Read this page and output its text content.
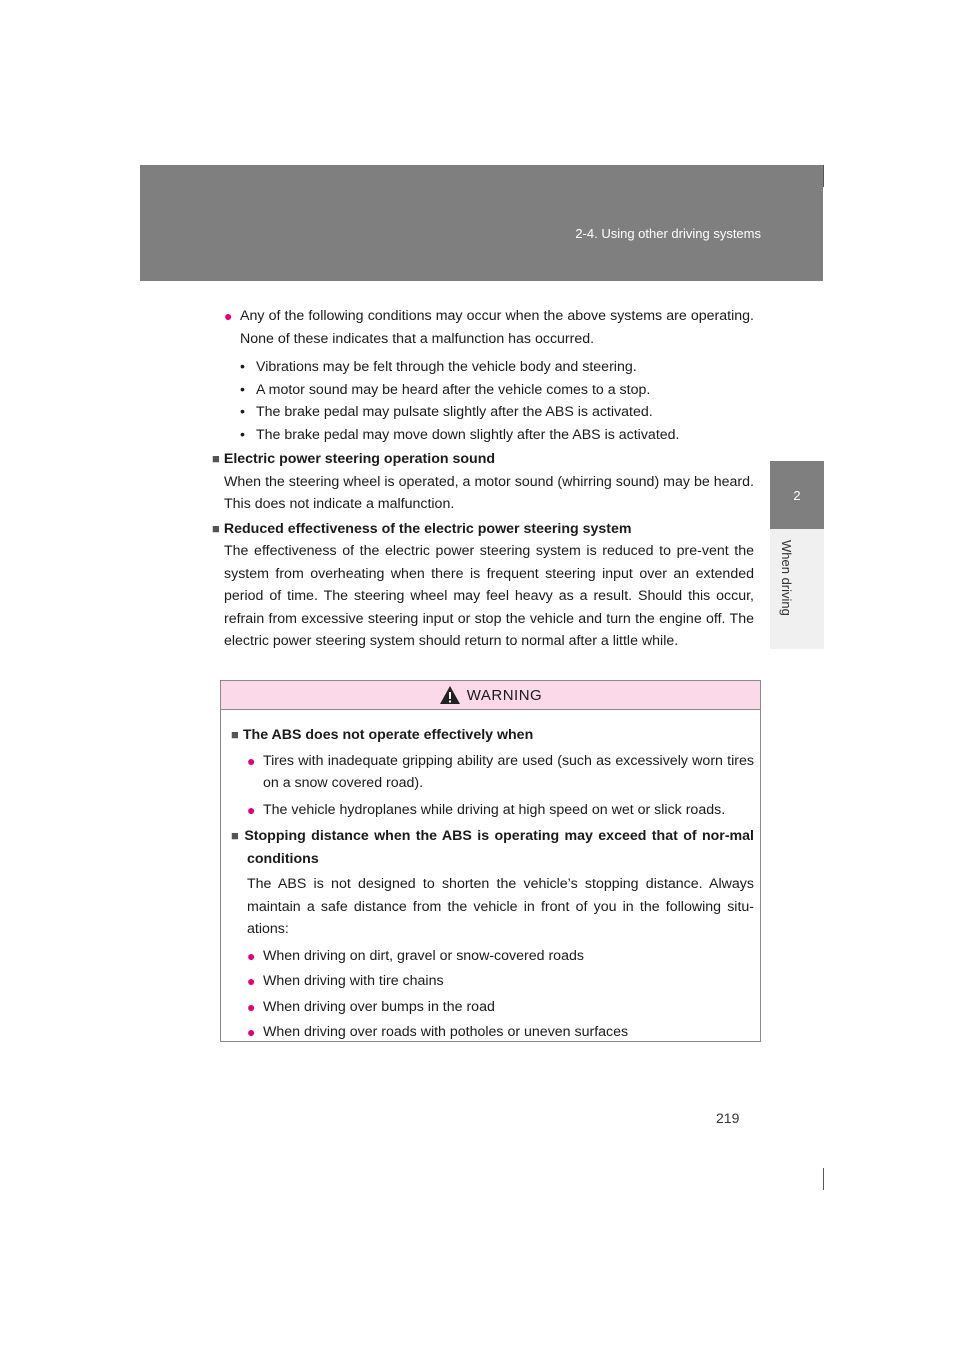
2-4. Using other driving systems
2
When driving
● Any of the following conditions may occur when the above systems are operating. None of these indicates that a malfunction has occurred.
• Vibrations may be felt through the vehicle body and steering.
• A motor sound may be heard after the vehicle comes to a stop.
• The brake pedal may pulsate slightly after the ABS is activated.
• The brake pedal may move down slightly after the ABS is activated.
■ Electric power steering operation sound
When the steering wheel is operated, a motor sound (whirring sound) may be heard. This does not indicate a malfunction.
■ Reduced effectiveness of the electric power steering system
The effectiveness of the electric power steering system is reduced to pre-vent the system from overheating when there is frequent steering input over an extended period of time. The steering wheel may feel heavy as a result. Should this occur, refrain from excessive steering input or stop the vehicle and turn the engine off. The electric power steering system should return to normal after a little while.
WARNING
■ The ABS does not operate effectively when
● Tires with inadequate gripping ability are used (such as excessively worn tires on a snow covered road).
● The vehicle hydroplanes while driving at high speed on wet or slick roads.
■ Stopping distance when the ABS is operating may exceed that of nor-mal conditions
The ABS is not designed to shorten the vehicle’s stopping distance. Always maintain a safe distance from the vehicle in front of you in the following situ-ations:
● When driving on dirt, gravel or snow-covered roads
● When driving with tire chains
● When driving over bumps in the road
● When driving over roads with potholes or uneven surfaces
219
